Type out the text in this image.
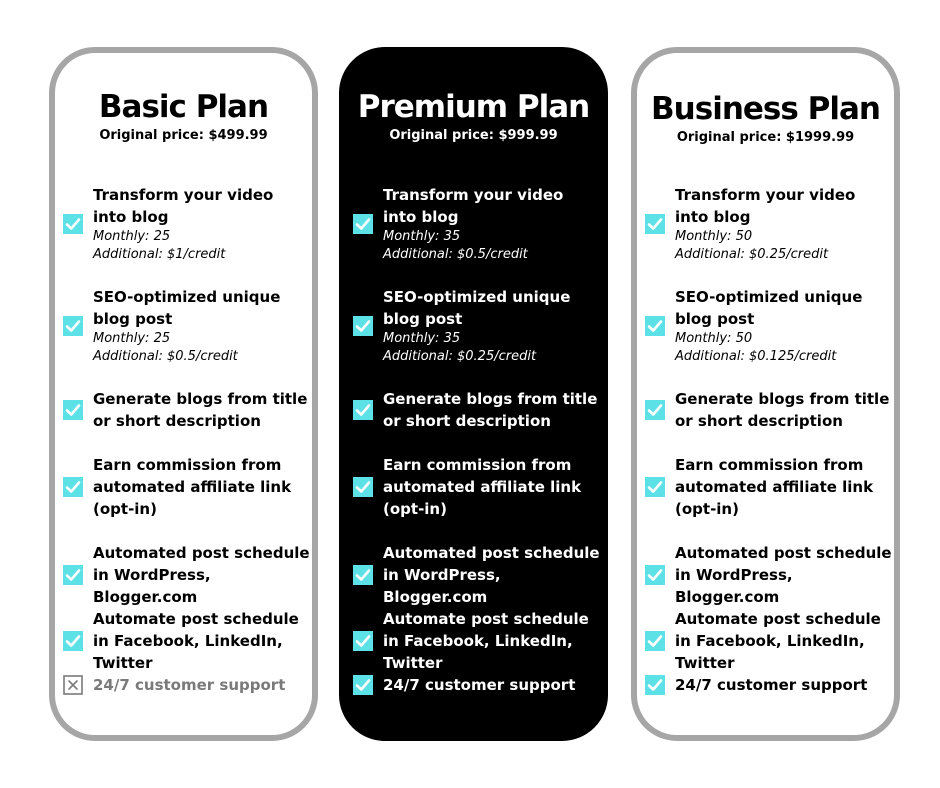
Basic Plan
Original price: $499.99
Transform your video into blog
Monthly: 25
Additional: $1/credit
SEO-optimized unique blog post
Monthly: 25
Additional: $0.5/credit
Generate blogs from title or short description
Earn commission from automated affiliate link (opt-in)
Automated post schedule in WordPress, Blogger.com
Automate post schedule in Facebook, LinkedIn, Twitter
24/7 customer support
Premium Plan
Original price: $999.99
Transform your video into blog
Monthly: 35
Additional: $0.5/credit
SEO-optimized unique blog post
Monthly: 35
Additional: $0.25/credit
Generate blogs from title or short description
Earn commission from automated affiliate link (opt-in)
Automated post schedule in WordPress, Blogger.com
Automate post schedule in Facebook, LinkedIn, Twitter
24/7 customer support
Business Plan
Original price: $1999.99
Transform your video into blog
Monthly: 50
Additional: $0.25/credit
SEO-optimized unique blog post
Monthly: 50
Additional: $0.125/credit
Generate blogs from title or short description
Earn commission from automated affiliate link (opt-in)
Automated post schedule in WordPress, Blogger.com
Automate post schedule in Facebook, LinkedIn, Twitter
24/7 customer support
